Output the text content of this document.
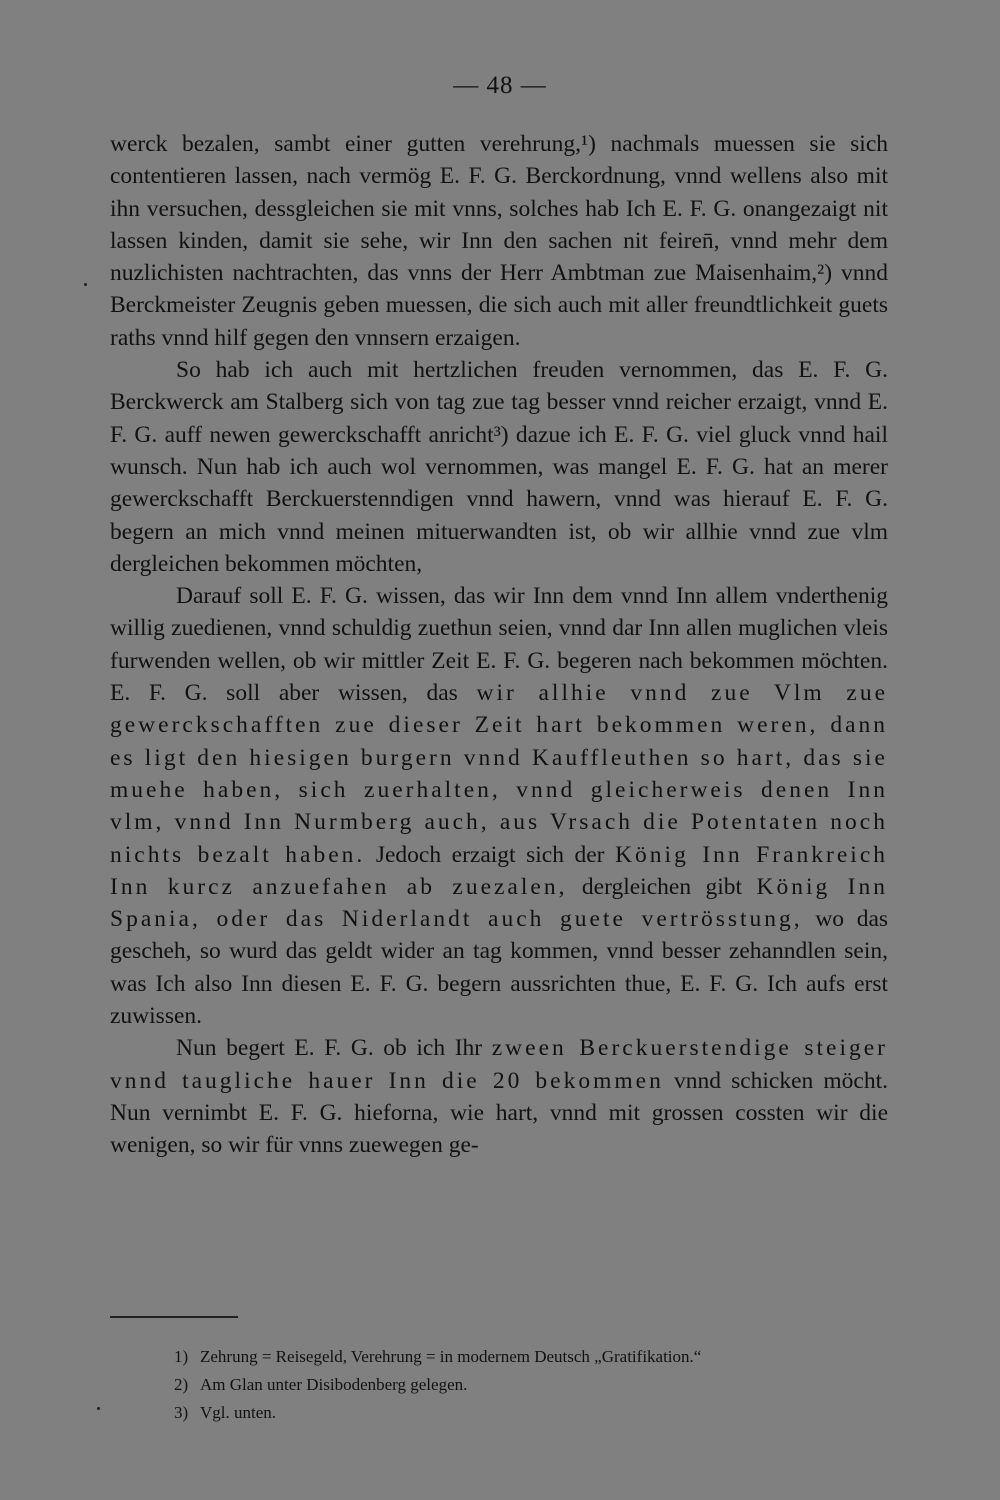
— 48 —

werck bezalen, sambt einer gutten verehrung,¹) nachmals muessen sie sich contentieren lassen, nach vermög E. F. G. Berckordnung, vnnd wellens also mit ihn versuchen, dessgleichen sie mit vnns, solches hab Ich E. F. G. onangezaigt nit lassen kinden, damit sie sehe, wir Inn den sachen nit feiren̄, vnnd mehr dem nuzlichisten nachtrachten, das vnns der Herr Ambtman zue Maisenhaim,²) vnnd Berckmeister Zeugnis geben muessen, die sich auch mit aller freundtlichkeit guets raths vnnd hilf gegen den vnnsern erzaigen.

So hab ich auch mit hertzlichen freuden vernommen, das E. F. G. Berckwerck am Stalberg sich von tag zue tag besser vnnd reicher erzaigt, vnnd E. F. G. auff newen gewerckschafft anricht³) dazue ich E. F. G. viel gluck vnnd hail wunsch. Nun hab ich auch wol vernommen, was mangel E. F. G. hat an merer gewerckschafft Berckuerstenndigen vnnd hawern, vnnd was hierauf E. F. G. begern an mich vnnd meinen mituerwandten ist, ob wir allhie vnnd zue vlm dergleichen bekommen möchten,

Darauf soll E. F. G. wissen, das wir Inn dem vnnd Inn allem vnderthenig willig zuedienen, vnnd schuldig zuethun seien, vnnd dar Inn allen muglichen vleis furwenden wellen, ob wir mittler Zeit E. F. G. begeren nach bekommen möchten. E. F. G. soll aber wissen, das wir allhie vnnd zue Vlm zue gewerckschafften zue dieser Zeit hart bekommen weren, dann es ligt den hiesigen burgern vnnd Kauffleuthen so hart, das sie muehe haben, sich zuerhalten, vnnd gleicherweis denen Inn vlm, vnnd Inn Nurmberg auch, aus Vrsach die Potentaten noch nichts bezalt haben. Jedoch erzaigt sich der König Inn Frankreich Inn kurcz anzuefahen ab zuezalen, dergleichen gibt König Inn Spania, oder das Niderlandt auch guete vertrösstung, wo das gescheh, so wurd das geldt wider an tag kommen, vnnd besser zehanndlen sein, was Ich also Inn diesen E. F. G. begern aussrichten thue, E. F. G. Ich aufs erst zuwissen.

Nun begert E. F. G. ob ich Ihr zween Berckuerstendige steiger vnnd taugliche hauer Inn die 20 bekommen vnnd schicken möcht. Nun vernimbt E. F. G. hieforna, wie hart, vnnd mit grossen cossten wir die wenigen, so wir für vnns zuewegen ge-

1) Zehrung = Reisegeld, Verehrung = in modernem Deutsch „Gratifikation.“
2) Am Glan unter Disibodenberg gelegen.
3) Vgl. unten.
